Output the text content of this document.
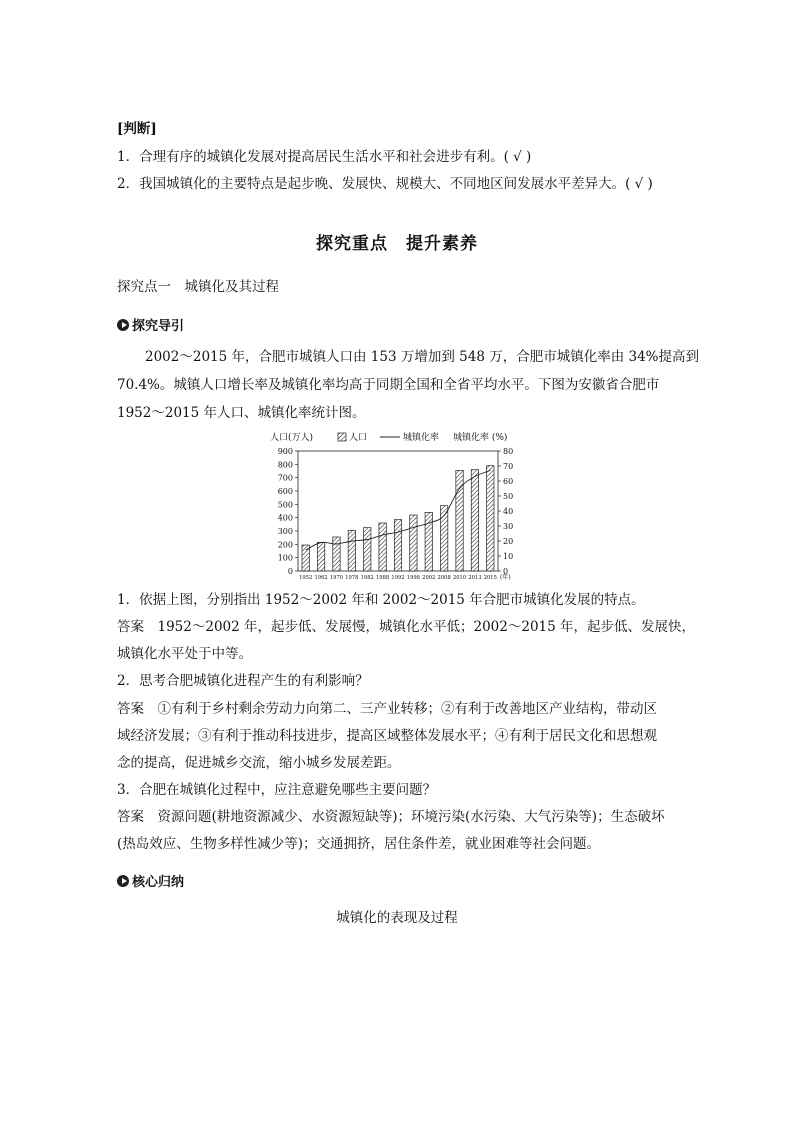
[判断]
1．合理有序的城镇化发展对提高居民生活水平和社会进步有利。( √ )
2．我国城镇化的主要特点是起步晚、发展快、规模大、不同地区间发展水平差异大。( √ )
探究重点　提升素养
探究点一　城镇化及其过程
探究导引
2002～2015 年，合肥市城镇人口由 153 万增加到 548 万，合肥市城镇化率由 34%提高到
70.4%。城镇人口增长率及城镇化率均高于同期全国和全省平均水平。下图为安徽省合肥市
1952～2015 年人口、城镇化率统计图。
人口(万人)	人口	城镇化率 城镇化率 (%)
0
100
200
300
400
500
600
700
800
900
0
10
20
30
40
50
60
70
80
1952 1962 1970 1978 1982 1988 1992 1998 2002 2008 2010 2013 2015 (年)
1．依据上图，分别指出 1952～2002 年和 2002～2015 年合肥市城镇化发展的特点。
答案　1952～2002 年，起步低、发展慢，城镇化水平低；2002～2015 年，起步低、发展快，
城镇化水平处于中等。
2．思考合肥城镇化进程产生的有利影响？
答案　①有利于乡村剩余劳动力向第二、三产业转移；②有利于改善地区产业结构，带动区
域经济发展；③有利于推动科技进步，提高区域整体发展水平；④有利于居民文化和思想观
念的提高，促进城乡交流，缩小城乡发展差距。
3．合肥在城镇化过程中，应注意避免哪些主要问题？
答案　资源问题(耕地资源减少、水资源短缺等)；环境污染(水污染、大气污染等)；生态破坏
(热岛效应、生物多样性减少等)；交通拥挤，居住条件差，就业困难等社会问题。
核心归纳
城镇化的表现及过程
